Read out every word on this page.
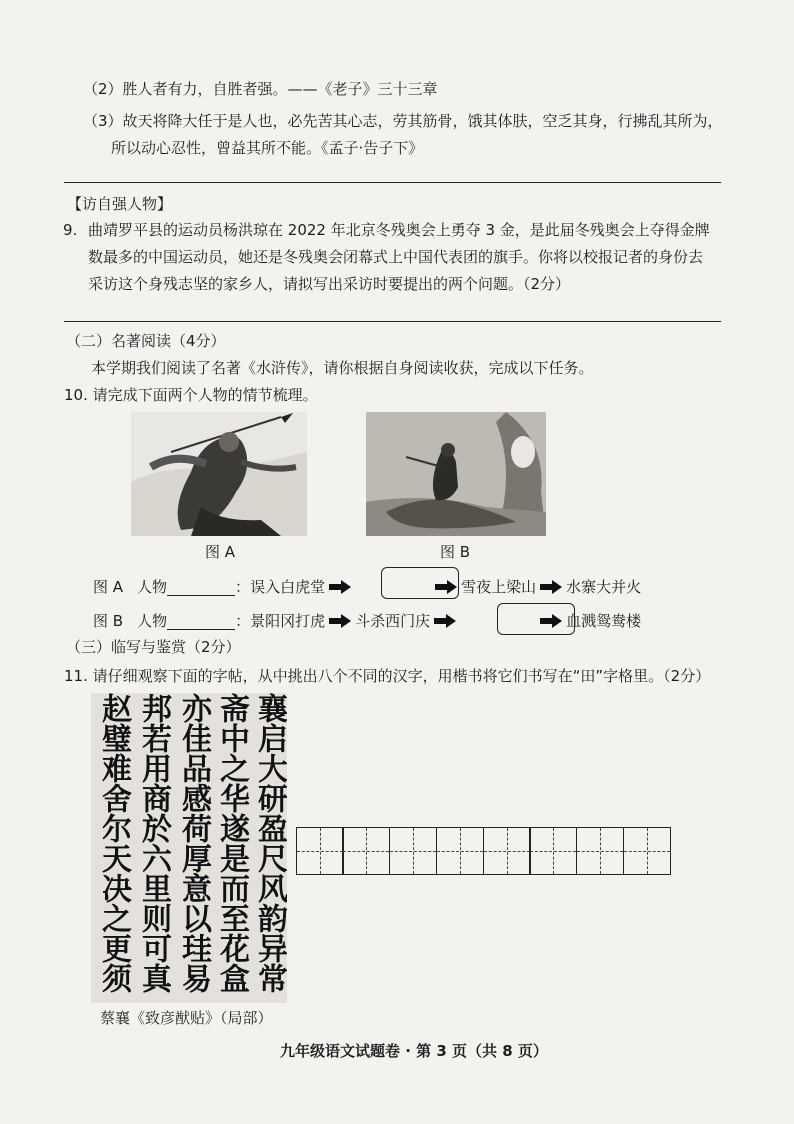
（2）胜人者有力，自胜者强。——《老子》三十三章
（3）故天将降大任于是人也，必先苦其心志，劳其筋骨，饿其体肤，空乏其身，行拂乱其所为，
所以动心忍性，曾益其所不能。《孟子·告子下》
【访自强人物】
9. 曲靖罗平县的运动员杨洪琼在 2022 年北京冬残奥会上勇夺 3 金，是此届冬残奥会上夺得金牌
数最多的中国运动员，她还是冬残奥会闭幕式上中国代表团的旗手。你将以校报记者的身份去
采访这个身残志坚的家乡人，请拟写出采访时要提出的两个问题。（2分）
（二）名著阅读（4分）
本学期我们阅读了名著《水浒传》，请你根据自身阅读收获，完成以下任务。
10. 请完成下面两个人物的情节梳理。
图 A	图 B
图 A 人物	： 误入白虎堂	雪夜上梁山 水寨大并火
图 B 人物	： 景阳冈打虎 斗杀西门庆	血溅鸳鸯楼
（三）临写与鉴赏（2分）
11. 请仔细观察下面的字帖，从中挑出八个不同的汉字，用楷书将它们书写在“田”字格里。（2分）
襄启大研盈尺风韵异常
斋中之华遂是而至花盒
亦佳品感荷厚意以珪易
邦若用商於六里则可真
赵璧难舍尔天决之更须
蔡襄《致彦猷贴》（局部）
九年级语文试题卷 · 第 3 页（共 8 页）
